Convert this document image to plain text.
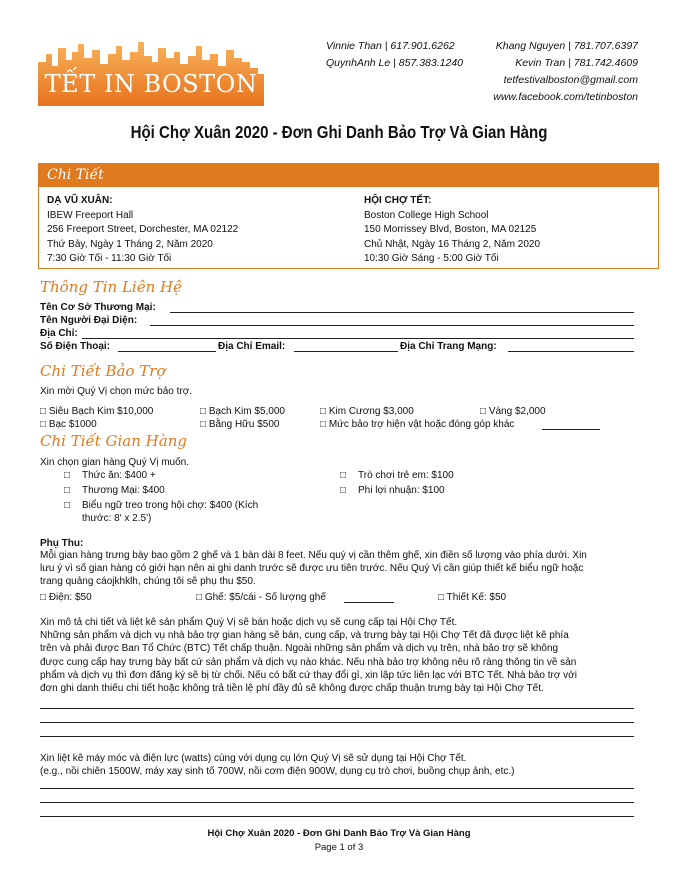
TẾT IN BOSTON
Vinnie Than | 617.901.6262
QuynhAnh Le | 857.383.1240
Khang Nguyen | 781.707.6397
Kevin Tran | 781.742.4609
tetfestivalboston@gmail.com
www.facebook.com/tetinboston
Hội Chợ Xuân 2020 - Đơn Ghi Danh Bảo Trợ Và Gian Hàng
Chi Tiết
DẠ VŨ XUÂN:
IBEW Freeport Hall
256 Freeport Street, Dorchester, MA 02122
Thứ Bảy, Ngày 1 Tháng 2, Năm 2020
7:30 Giờ Tối - 11:30 Giờ Tối
HỘI CHỢ TẾT:
Boston College High School
150 Morrissey Blvd, Boston, MA 02125
Chủ Nhật, Ngày 16 Tháng 2, Năm 2020
10:30 Giờ Sáng - 5:00 Giờ Tối
Thông Tin Liên Hệ
Tên Cơ Sở Thương Mại:
Tên Người Đại Diện:
Địa Chỉ:
Số Điện Thoại:	Địa Chỉ Email:	Địa Chỉ Trang Mạng:
Chi Tiết Bảo Trợ
Xin mời Quý Vị chọn mức bảo trợ.
□ Siêu Bạch Kim $10,000	□ Bạch Kim $5,000	□ Kim Cương $3,000	□ Vàng $2,000
□ Bạc $1000	□ Bằng Hữu $500	□ Mức bảo trợ hiện vật hoặc đóng góp khác
Chi Tiết Gian Hàng
Xin chọn gian hàng Quý Vị muốn.
□ Thức ăn: $400 +
□ Thương Mại: $400
□ Biểu ngữ treo trong hội chợ: $400 (Kích
thước: 8' x 2.5')
□ Trò chơi trẻ em: $100
□ Phi lợi nhuận: $100
Phụ Thu:
Mỗi gian hàng trưng bày bao gồm 2 ghế và 1 bàn dài 8 feet. Nếu quý vị cần thêm ghế, xin điền số lượng vào phía dưới. Xin
lưu ý vì số gian hàng có giới hạn nên ai ghi danh trước sẽ được ưu tiên trước. Nếu Quý Vị cần giúp thiết kế biểu ngữ hoặc
trang quảng cáojkhklh, chúng tôi sẽ phụ thu $50.
□ Điện: $50	□ Ghế: $5/cái - Số lượng ghế	□ Thiết Kế: $50
Xin mô tả chi tiết và liệt kê sản phẩm Quý Vị sẽ bán hoặc dịch vụ sẽ cung cấp tại Hội Chợ Tết.
Những sản phẩm và dịch vụ nhà bảo trợ gian hàng sẽ bán, cung cấp, và trưng bày tại Hội Chợ Tết đã được liệt kê phía
trên và phải được Ban Tổ Chức (BTC) Tết chấp thuận. Ngoài những sản phẩm và dịch vụ trên, nhà bảo trợ sẽ không
được cung cấp hay trưng bày bất cứ sản phẩm và dịch vụ nào khác. Nếu nhà bảo trợ không nêu rõ ràng thông tin về sản
phẩm và dịch vụ thì đơn đăng ký sẽ bị từ chối. Nếu có bất cứ thay đổi gì, xin lập tức liên lạc với BTC Tết. Nhà bảo trợ với
đơn ghi danh thiếu chi tiết hoặc không trả tiền lệ phí đầy đủ sẽ không được chấp thuận trưng bày tại Hội Chợ Tết.
Xin liệt kê máy móc và điện lực (watts) cùng với dụng cụ lớn Quý Vị sẽ sử dụng tại Hội Chợ Tết.
(e.g., nồi chiên 1500W, máy xay sinh tố 700W, nồi cơm điện 900W, dụng cụ trò chơi, buồng chụp ảnh, etc.)
Hội Chợ Xuân 2020 - Đơn Ghi Danh Bảo Trợ Và Gian Hàng
Page 1 of 3
